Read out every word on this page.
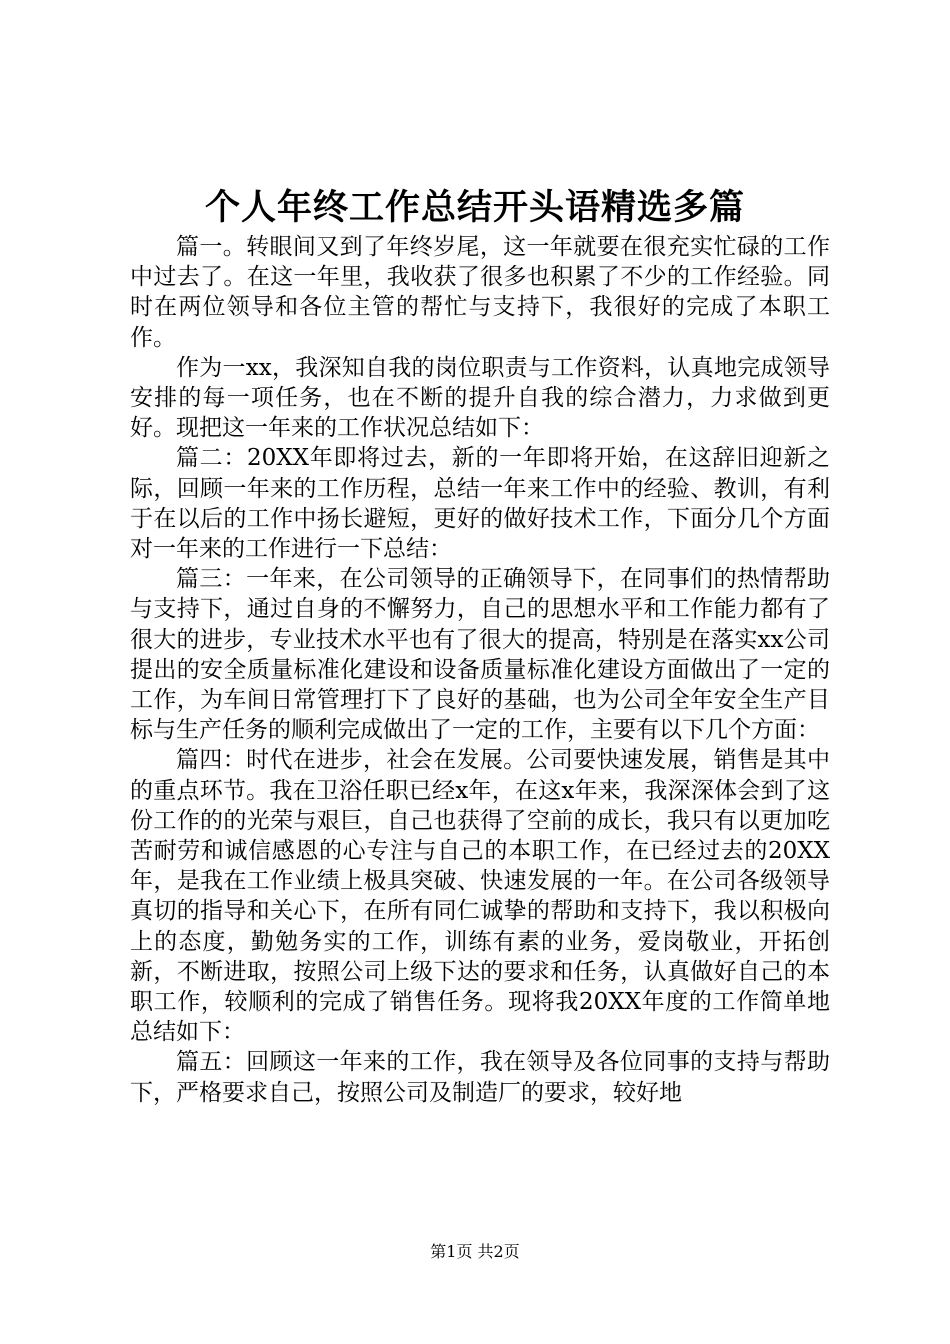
个人年终工作总结开头语精选多篇

篇一。转眼间又到了年终岁尾，这一年就要在很充实忙碌的工作中过去了。在这一年里，我收获了很多也积累了不少的工作经验。同时在两位领导和各位主管的帮忙与支持下，我很好的完成了本职工作。

作为一xx，我深知自我的岗位职责与工作资料，认真地完成领导安排的每一项任务，也在不断的提升自我的综合潜力，力求做到更好。现把这一年来的工作状况总结如下：

篇二：20XX年即将过去，新的一年即将开始，在这辞旧迎新之际，回顾一年来的工作历程，总结一年来工作中的经验、教训，有利于在以后的工作中扬长避短，更好的做好技术工作，下面分几个方面对一年来的工作进行一下总结：

篇三：一年来，在公司领导的正确领导下，在同事们的热情帮助与支持下，通过自身的不懈努力，自己的思想水平和工作能力都有了很大的进步，专业技术水平也有了很大的提高，特别是在落实xx公司提出的安全质量标准化建设和设备质量标准化建设方面做出了一定的工作，为车间日常管理打下了良好的基础，也为公司全年安全生产目标与生产任务的顺利完成做出了一定的工作，主要有以下几个方面：

篇四：时代在进步，社会在发展。公司要快速发展，销售是其中的重点环节。我在卫浴任职已经x年，在这x年来，我深深体会到了这份工作的的光荣与艰巨，自己也获得了空前的成长，我只有以更加吃苦耐劳和诚信感恩的心专注与自己的本职工作，在已经过去的20XX年，是我在工作业绩上极具突破、快速发展的一年。在公司各级领导真切的指导和关心下，在所有同仁诚挚的帮助和支持下，我以积极向上的态度，勤勉务实的工作，训练有素的业务，爱岗敬业，开拓创新，不断进取，按照公司上级下达的要求和任务，认真做好自己的本职工作，较顺利的完成了销售任务。现将我20XX年度的工作简单地总结如下：

篇五：回顾这一年来的工作，我在领导及各位同事的支持与帮助下，严格要求自己，按照公司及制造厂的要求，较好地

第1页 共2页
